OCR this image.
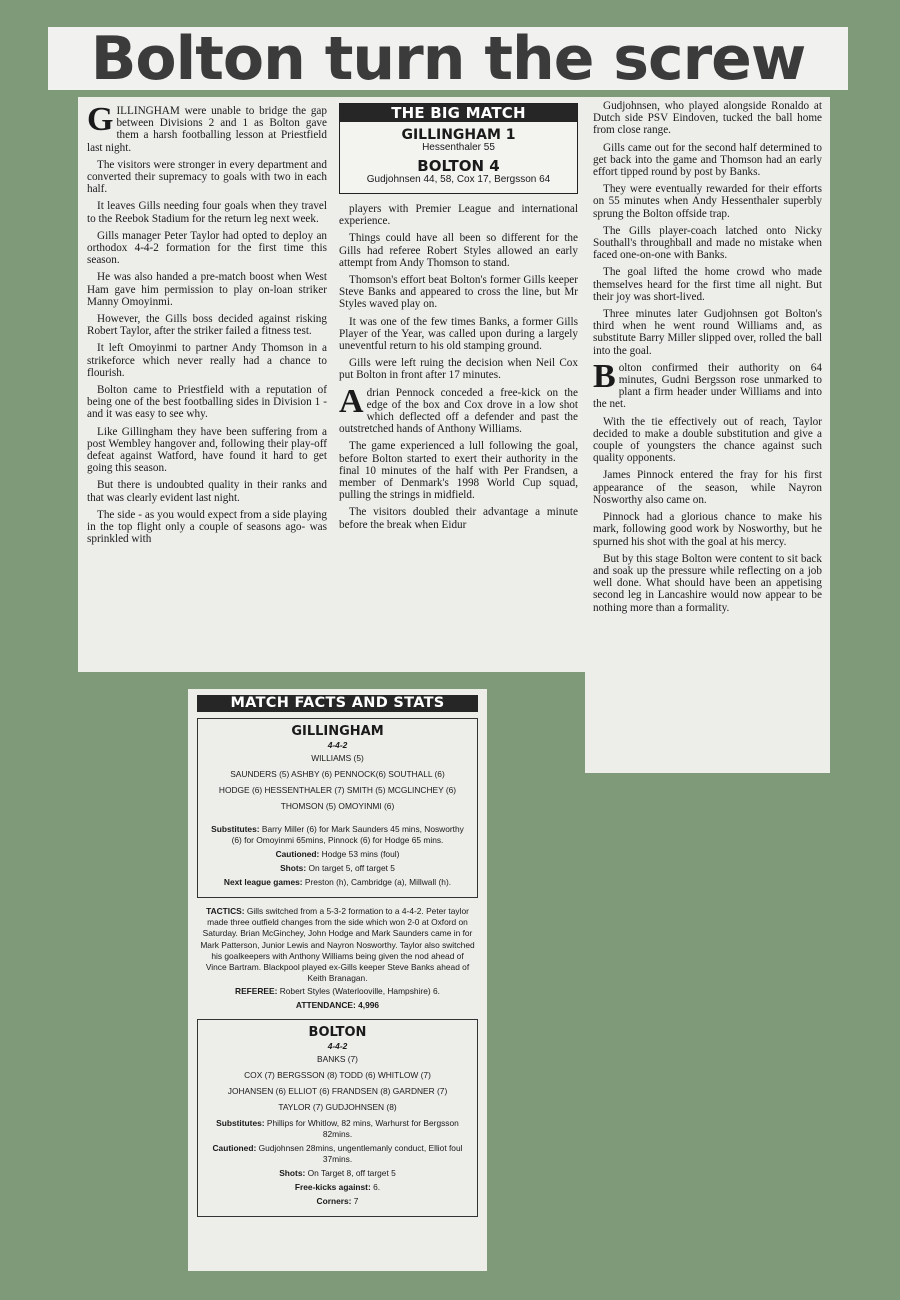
Bolton turn the screw

GILLINGHAM were unable to bridge the gap between Divisions 2 and 1 as Bolton gave them a harsh footballing lesson at Priestfield last night.

The visitors were stronger in every department and converted their supremacy to goals with two in each half.

It leaves Gills needing four goals when they travel to the Reebok Stadium for the return leg next week.

Gills manager Peter Taylor had opted to deploy an orthodox 4-4-2 formation for the first time this season.

He was also handed a pre-match boost when West Ham gave him permission to play on-loan striker Manny Omoyinmi.

However, the Gills boss decided against risking Robert Taylor, after the striker failed a fitness test.

It left Omoyinmi to partner Andy Thomson in a strikeforce which never really had a chance to flourish.

Bolton came to Priestfield with a reputation of being one of the best footballing sides in Division 1 - and it was easy to see why.

Like Gillingham they have been suffering from a post Wembley hangover and, following their play-off defeat against Watford, have found it hard to get going this season.

But there is undoubted quality in their ranks and that was clearly evident last night.

The side - as you would expect from a side playing in the top flight only a couple of seasons ago- was sprinkled with

THE BIG MATCH
GILLINGHAM 1
Hessenthaler 55
BOLTON 4
Gudjohnsen 44, 58, Cox 17, Bergsson 64

players with Premier League and international experience.

Things could have all been so different for the Gills had referee Robert Styles allowed an early attempt from Andy Thomson to stand.

Thomson's effort beat Bolton's former Gills keeper Steve Banks and appeared to cross the line, but Mr Styles waved play on.

It was one of the few times Banks, a former Gills Player of the Year, was called upon during a largely uneventful return to his old stamping ground.

Gills were left ruing the decision when Neil Cox put Bolton in front after 17 minutes.

Adrian Pennock conceded a free-kick on the edge of the box and Cox drove in a low shot which deflected off a defender and past the outstretched hands of Anthony Williams.

The game experienced a lull following the goal, before Bolton started to exert their authority in the final 10 minutes of the half with Per Frandsen, a member of Denmark's 1998 World Cup squad, pulling the strings in midfield.

The visitors doubled their advantage a minute before the break when Eidur

Gudjohnsen, who played alongside Ronaldo at Dutch side PSV Eindoven, tucked the ball home from close range.

Gills came out for the second half determined to get back into the game and Thomson had an early effort tipped round by post by Banks.

They were eventually rewarded for their efforts on 55 minutes when Andy Hessenthaler superbly sprung the Bolton offside trap.

The Gills player-coach latched onto Nicky Southall's throughball and made no mistake when faced one-on-one with Banks.

The goal lifted the home crowd who made themselves heard for the first time all night. But their joy was short-lived.

Three minutes later Gudjohnsen got Bolton's third when he went round Williams and, as substitute Barry Miller slipped over, rolled the ball into the goal.

Bolton confirmed their authority on 64 minutes, Gudni Bergsson rose unmarked to plant a firm header under Williams and into the net.

With the tie effectively out of reach, Taylor decided to make a double substitution and give a couple of youngsters the chance against such quality opponents.

James Pinnock entered the fray for his first appearance of the season, while Nayron Nosworthy also came on.

Pinnock had a glorious chance to make his mark, following good work by Nosworthy, but he spurned his shot with the goal at his mercy.

But by this stage Bolton were content to sit back and soak up the pressure while reflecting on a job well done. What should have been an appetising second leg in Lancashire would now appear to be nothing more than a formality.

MATCH FACTS AND STATS
GILLINGHAM
4-4-2
WILLIAMS (5)
SAUNDERS (5) ASHBY (6) PENNOCK(6) SOUTHALL (6)
HODGE (6) HESSENTHALER (7) SMITH (5) MCGLINCHEY (6)
THOMSON (5) OMOYINMI (6)
Substitutes: Barry Miller (6) for Mark Saunders 45 mins, Nosworthy (6) for Omoyinmi 65mins, Pinnock (6) for Hodge 65 mins.
Cautioned: Hodge 53 mins (foul)
Shots: On target 5, off target 5
Next league games: Preston (h), Cambridge (a), Millwall (h).
TACTICS: Gills switched from a 5-3-2 formation to a 4-4-2. Peter taylor made three outfield changes from the side which won 2-0 at Oxford on Saturday. Brian McGinchey, John Hodge and Mark Saunders came in for Mark Patterson, Junior Lewis and Nayron Nosworthy. Taylor also switched his goalkeepers with Anthony Williams being given the nod ahead of Vince Bartram. Blackpool played ex-Gills keeper Steve Banks ahead of Keith Branagan.
REFEREE: Robert Styles (Waterlooville, Hampshire) 6.
ATTENDANCE: 4,996
BOLTON
4-4-2
BANKS (7)
COX (7) BERGSSON (8) TODD (6) WHITLOW (7)
JOHANSEN (6) ELLIOT (6) FRANDSEN (8) GARDNER (7)
TAYLOR (7) GUDJOHNSEN (8)
Substitutes: Phillips for Whitlow, 82 mins, Warhurst for Bergsson 82mins.
Cautioned: Gudjohnsen 28mins, ungentlemanly conduct, Elliot foul 37mins.
Shots: On Target 8, off target 5
Free-kicks against: 6.
Corners: 7
